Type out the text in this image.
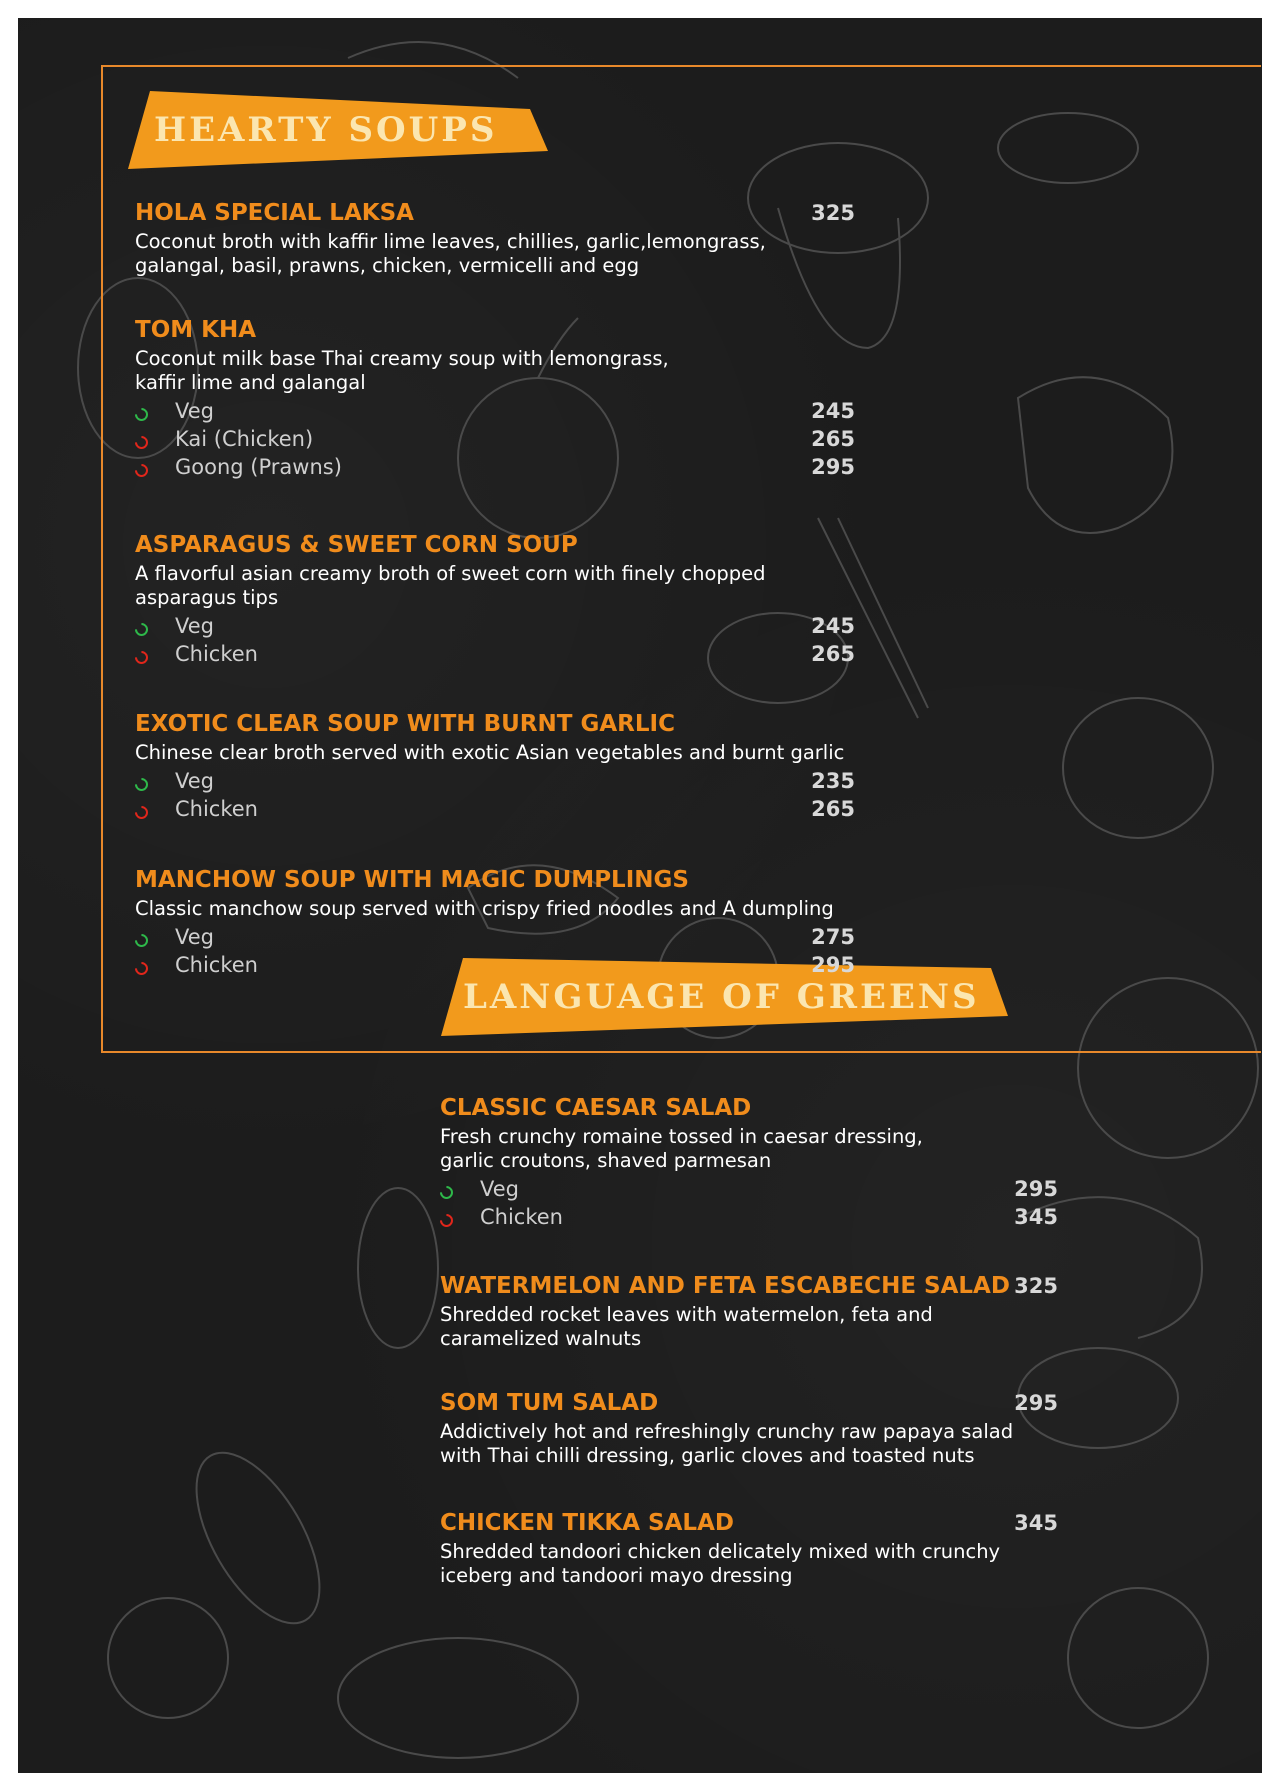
HEARTY SOUPS
LANGUAGE OF GREENS
HOLA SPECIAL LAKSA	325
Coconut broth with kaffir lime leaves, chillies, garlic,lemongrass,
galangal, basil, prawns, chicken, vermicelli and egg
TOM KHA
Coconut milk base Thai creamy soup with lemongrass,
kaffir lime and galangal
Veg	245
Kai (Chicken)	265
Goong (Prawns)	295
ASPARAGUS & SWEET CORN SOUP
A flavorful asian creamy broth of sweet corn with finely chopped
asparagus tips
Veg	245
Chicken	265
EXOTIC CLEAR SOUP WITH BURNT GARLIC
Chinese clear broth served with exotic Asian vegetables and burnt garlic
Veg	235
Chicken	265
MANCHOW SOUP WITH MAGIC DUMPLINGS
Classic manchow soup served with crispy fried noodles and A dumpling
Veg	275
Chicken	295
CLASSIC CAESAR SALAD
Fresh crunchy romaine tossed in caesar dressing,
garlic croutons, shaved parmesan
Veg	295
Chicken	345
WATERMELON AND FETA ESCABECHE SALAD 325
Shredded rocket leaves with watermelon, feta and
caramelized walnuts
SOM TUM SALAD	295
Addictively hot and refreshingly crunchy raw papaya salad
with Thai chilli dressing, garlic cloves and toasted nuts
CHICKEN TIKKA SALAD	345
Shredded tandoori chicken delicately mixed with crunchy
iceberg and tandoori mayo dressing
